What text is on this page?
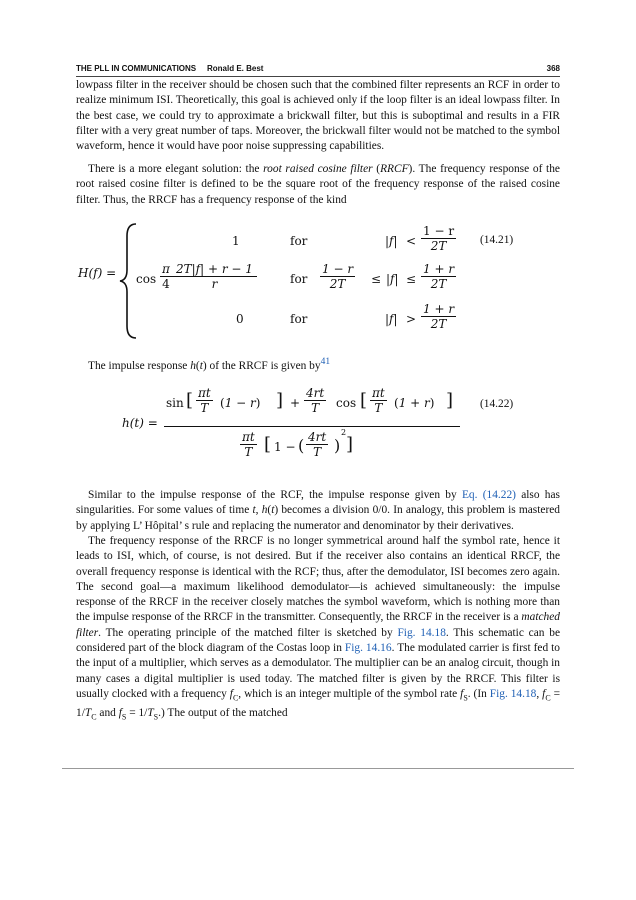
THE PLL IN COMMUNICATIONS Ronald E. Best	368

lowpass filter in the receiver should be chosen such that the combined filter represents an RCF in order to realize minimum ISI. Theoretically, this goal is achieved only if the loop filter is an ideal lowpass filter. In the best case, we could try to approximate a brickwall filter, but this is suboptimal and results in a FIR filter with a very great number of taps. Moreover, the brickwall filter would not be matched to the symbol waveform, hence it would have poor noise suppressing capabilities.

There is a more elegant solution: the root raised cosine filter (RRCF). The frequency response of the root raised cosine filter is defined to be the square root of the frequency response of the raised cosine filter. Thus, the RRCF has a frequency response of the kind

H(f) =
1	for	$|f| < \frac{1 - r}{2T} (14.21)$
$\cos \frac{\pi}{4} \frac{2T|f| + r - 1}{r}$	for $\frac{1 - r}{2T} \le |f| \le \frac{1 + r}{2T}$
0	for	$|f| > \frac{1 + r}{2T}$

The impulse response h(t) of the RRCF is given $by^{41}$

h(t) =
sin [ $\frac{\pi t}{T} (1 - r)$ ] + $\frac{4rt}{T}$ cos [ $\frac{\pi t}{T} (1 + r)$ ]
$\frac{\pi t}{T}$ [ 1 − ( $\frac{4rt}{T}$ )
2
]
(14.22)

Similar to the impulse response of the RCF, the impulse response given by Eq. (14.22) also has singularities. For some values of time t, h(t) becomes a division 0/0. In analogy, this problem is mastered by applying L’ Hôpital’ s rule and replacing the numerator and denominator by their derivatives.

The frequency response of the RRCF is no longer symmetrical around half the symbol rate, hence it leads to ISI, which, of course, is not desired. But if the receiver also contains an identical RRCF, the overall frequency response is identical with the RCF; thus, after the demodulator, ISI becomes zero again. The second goal—a maximum likelihood demodulator—is achieved simultaneously: the impulse response of the RRCF in the receiver closely matches the symbol waveform, which is nothing more than the impulse response of the RRCF in the transmitter. Consequently, the RRCF in the receiver is a matched filter. The operating principle of the matched filter is sketched by Fig. 14.18. This schematic can be considered part of the block diagram of the Costas loop in Fig. 14.16. The modulated carrier is first fed to the input of a multiplier, which serves as a demodulator. The multiplier can be an analog circuit, though in many cases a digital multiplier is used today. The matched filter is given by the RRCF. This filter is usually clocked with a frequency $f_C$, which is an integer multiple of the symbol rate $f_S$. (In Fig. 14.18, $f_C = 1/T_C$ and $f_S = 1/T_S$.) The output of the matched
